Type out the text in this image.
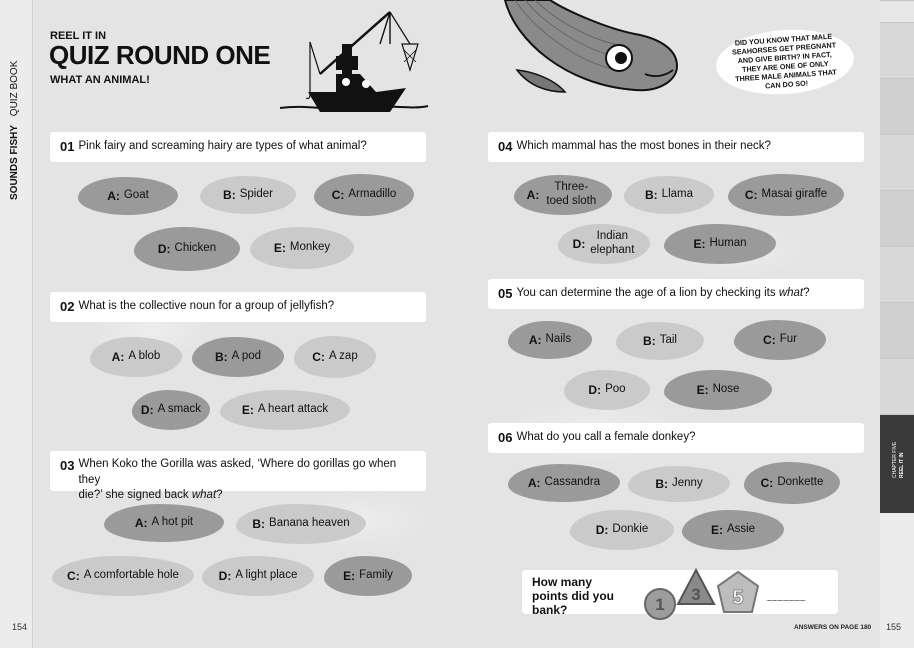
SOUNDS FISHY QUIZ BOOK
154
CHAPTER FIVE REEL IT IN
155
REEL IT IN
QUIZ ROUND ONE
WHAT AN ANIMAL!
DID YOU KNOW THAT MALE SEAHORSES GET PREGNANT AND GIVE BIRTH? IN FACT, THEY ARE ONE OF ONLY THREE MALE ANIMALS THAT CAN DO SO!
01 Pink fairy and screaming hairy are types of what animal?
A: Goat	B: Spider	C: Armadillo
D: Chicken	E: Monkey
02 What is the collective noun for a group of jellyfish?
A: A blob	B: A pod	C: A zap
D: A smack	E: A heart attack
03 When Koko the Gorilla was asked, ‘Where do gorillas go when they
die?’ she signed back what?
A: A hot pit	B: Banana heaven
C: A comfortable hole	D: A light place	E: Family
04 Which mammal has the most bones in their neck?
A:
Three-toed sloth	B: Llama	C: Masai giraffe
D:
Indian elephant	E: Human
05 You can determine the age of a lion by checking its what?
A: Nails	B: Tail	C: Fur
D: Poo	E: Nose
06 What do you call a female donkey?
A: Cassandra	B: Jenny	C: Donkette
D: Donkie	E: Assie
How many points did you bank?	1
3 5	................................
ANSWERS ON PAGE 180
